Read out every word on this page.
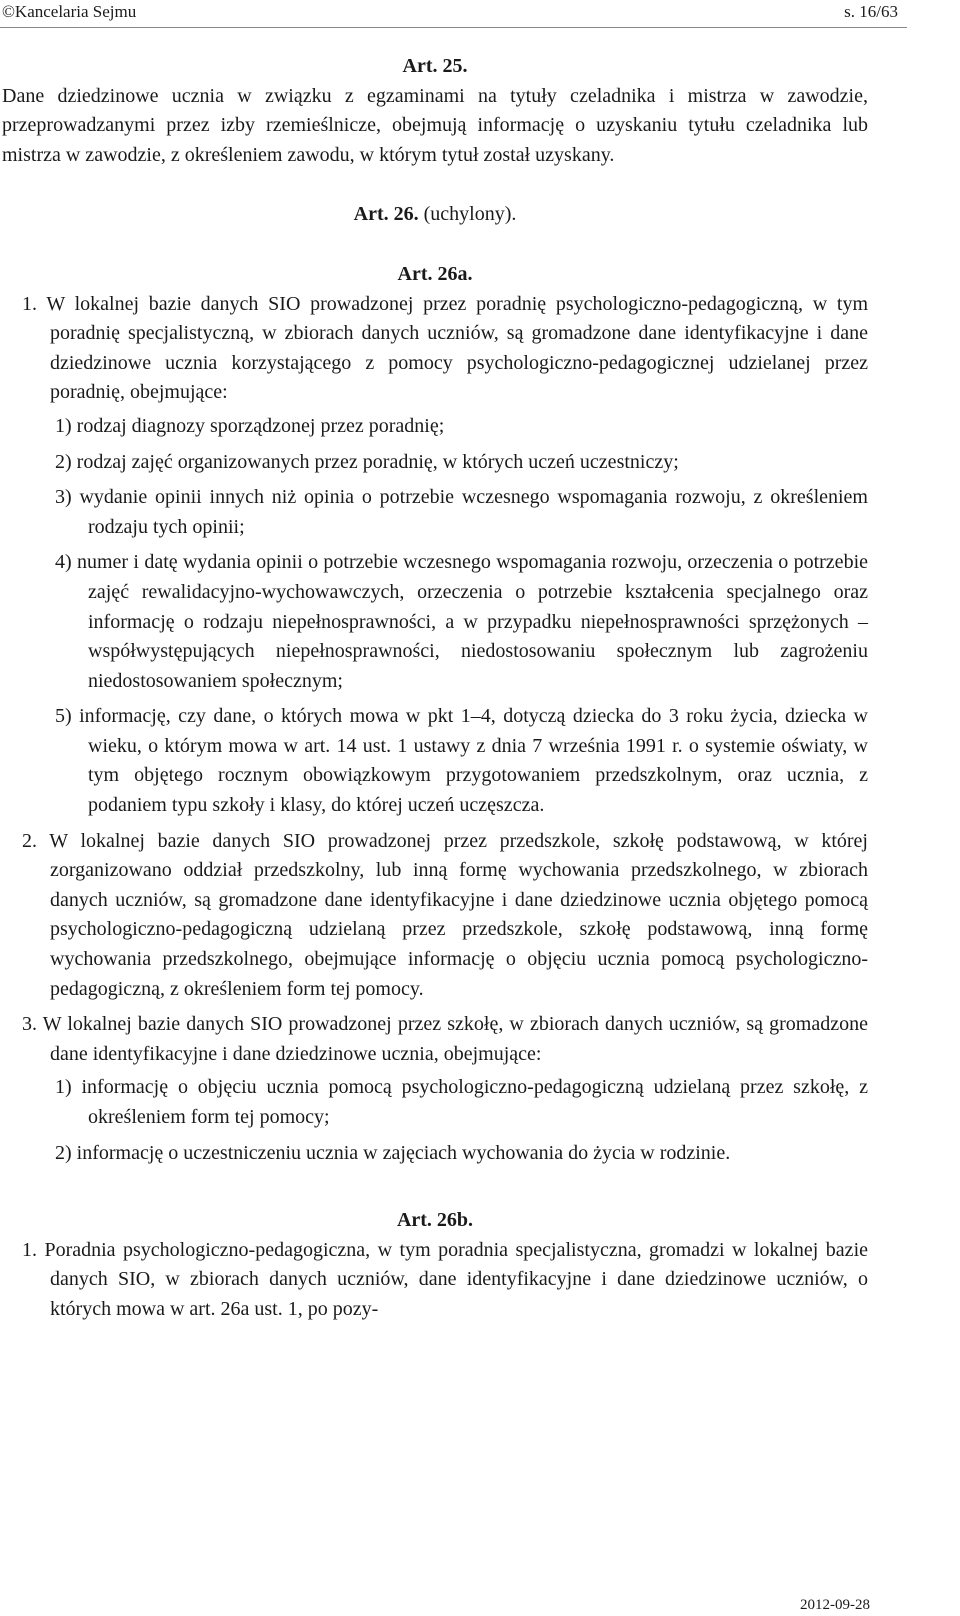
©Kancelaria Sejmu	s. 16/63
Art. 25.
Dane dziedzinowe ucznia w związku z egzaminami na tytuły czeladnika i mistrza w zawodzie, przeprowadzanymi przez izby rzemieślnicze, obejmują informację o uzyskaniu tytułu czeladnika lub mistrza w zawodzie, z określeniem zawodu, w którym tytuł został uzyskany.
Art. 26. (uchylony).
Art. 26a.
1. W lokalnej bazie danych SIO prowadzonej przez poradnię psychologiczno-pedagogiczną, w tym poradnię specjalistyczną, w zbiorach danych uczniów, są gromadzone dane identyfikacyjne i dane dziedzinowe ucznia korzystającego z pomocy psychologiczno-pedagogicznej udzielanej przez poradnię, obejmujące:
1) rodzaj diagnozy sporządzonej przez poradnię;
2) rodzaj zajęć organizowanych przez poradnię, w których uczeń uczestniczy;
3) wydanie opinii innych niż opinia o potrzebie wczesnego wspomagania rozwoju, z określeniem rodzaju tych opinii;
4) numer i datę wydania opinii o potrzebie wczesnego wspomagania rozwoju, orzeczenia o potrzebie zajęć rewalidacyjno-wychowawczych, orzeczenia o potrzebie kształcenia specjalnego oraz informację o rodzaju niepełnosprawności, a w przypadku niepełnosprawności sprzężonych – współwystępujących niepełnosprawności, niedostosowaniu społecznym lub zagrożeniu niedostosowaniem społecznym;
5) informację, czy dane, o których mowa w pkt 1–4, dotyczą dziecka do 3 roku życia, dziecka w wieku, o którym mowa w art. 14 ust. 1 ustawy z dnia 7 września 1991 r. o systemie oświaty, w tym objętego rocznym obowiązkowym przygotowaniem przedszkolnym, oraz ucznia, z podaniem typu szkoły i klasy, do której uczeń uczęszcza.
2. W lokalnej bazie danych SIO prowadzonej przez przedszkole, szkołę podstawową, w której zorganizowano oddział przedszkolny, lub inną formę wychowania przedszkolnego, w zbiorach danych uczniów, są gromadzone dane identyfikacyjne i dane dziedzinowe ucznia objętego pomocą psychologiczno-pedagogiczną udzielaną przez przedszkole, szkołę podstawową, inną formę wychowania przedszkolnego, obejmujące informację o objęciu ucznia pomocą psychologiczno-pedagogiczną, z określeniem form tej pomocy.
3. W lokalnej bazie danych SIO prowadzonej przez szkołę, w zbiorach danych uczniów, są gromadzone dane identyfikacyjne i dane dziedzinowe ucznia, obejmujące:
1) informację o objęciu ucznia pomocą psychologiczno-pedagogiczną udzielaną przez szkołę, z określeniem form tej pomocy;
2) informację o uczestniczeniu ucznia w zajęciach wychowania do życia w rodzinie.
Art. 26b.
1. Poradnia psychologiczno-pedagogiczna, w tym poradnia specjalistyczna, gromadzi w lokalnej bazie danych SIO, w zbiorach danych uczniów, dane identyfikacyjne i dane dziedzinowe uczniów, o których mowa w art. 26a ust. 1, po pozy-
2012-09-28
